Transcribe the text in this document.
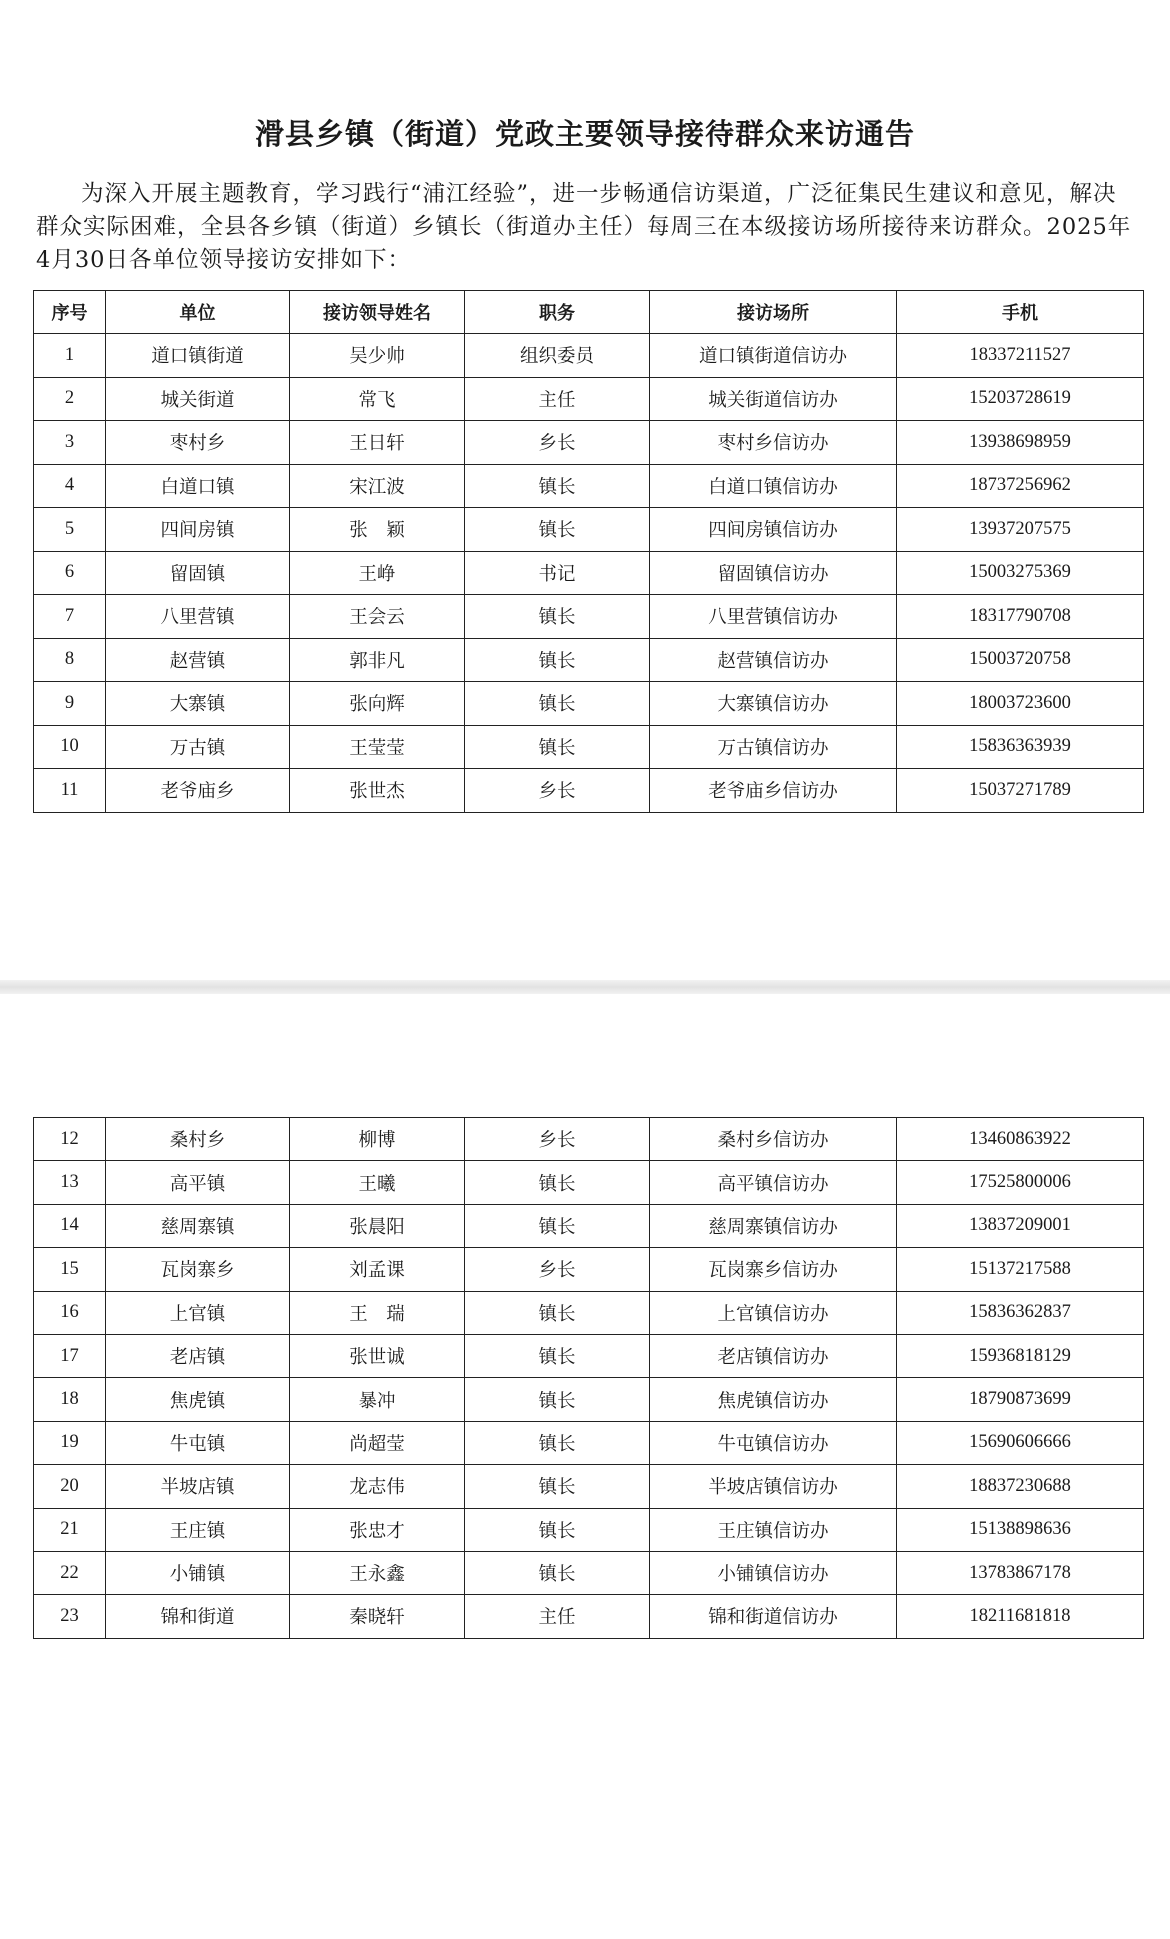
滑县乡镇（街道）党政主要领导接待群众来访通告

为深入开展主题教育，学习践行“浦江经验”，进一步畅通信访渠道，广泛征集民生建议和意见，解决群众实际困难，全县各乡镇（街道）乡镇长（街道办主任）每周三在本级接访场所接待来访群众。2025年4月30日各单位领导接访安排如下：

序号	单位	接访领导姓名	职务	接访场所	手机
1	道口镇街道	吴少帅	组织委员	道口镇街道信访办	18337211527
2	城关街道	常飞	主任	城关街道信访办	15203728619
3	枣村乡	王日轩	乡长	枣村乡信访办	13938698959
4	白道口镇	宋江波	镇长	白道口镇信访办	18737256962
5	四间房镇	张　颖	镇长	四间房镇信访办	13937207575
6	留固镇	王峥	书记	留固镇信访办	15003275369
7	八里营镇	王会云	镇长	八里营镇信访办	18317790708
8	赵营镇	郭非凡	镇长	赵营镇信访办	15003720758
9	大寨镇	张向辉	镇长	大寨镇信访办	18003723600
10	万古镇	王莹莹	镇长	万古镇信访办	15836363939
11	老爷庙乡	张世杰	乡长	老爷庙乡信访办	15037271789
12	桑村乡	柳博	乡长	桑村乡信访办	13460863922
13	高平镇	王曦	镇长	高平镇信访办	17525800006
14	慈周寨镇	张晨阳	镇长	慈周寨镇信访办	13837209001
15	瓦岗寨乡	刘孟课	乡长	瓦岗寨乡信访办	15137217588
16	上官镇	王　瑞	镇长	上官镇信访办	15836362837
17	老店镇	张世诚	镇长	老店镇信访办	15936818129
18	焦虎镇	暴冲	镇长	焦虎镇信访办	18790873699
19	牛屯镇	尚超莹	镇长	牛屯镇信访办	15690606666
20	半坡店镇	龙志伟	镇长	半坡店镇信访办	18837230688
21	王庄镇	张忠才	镇长	王庄镇信访办	15138898636
22	小铺镇	王永鑫	镇长	小铺镇信访办	13783867178
23	锦和街道	秦晓轩	主任	锦和街道信访办	18211681818
